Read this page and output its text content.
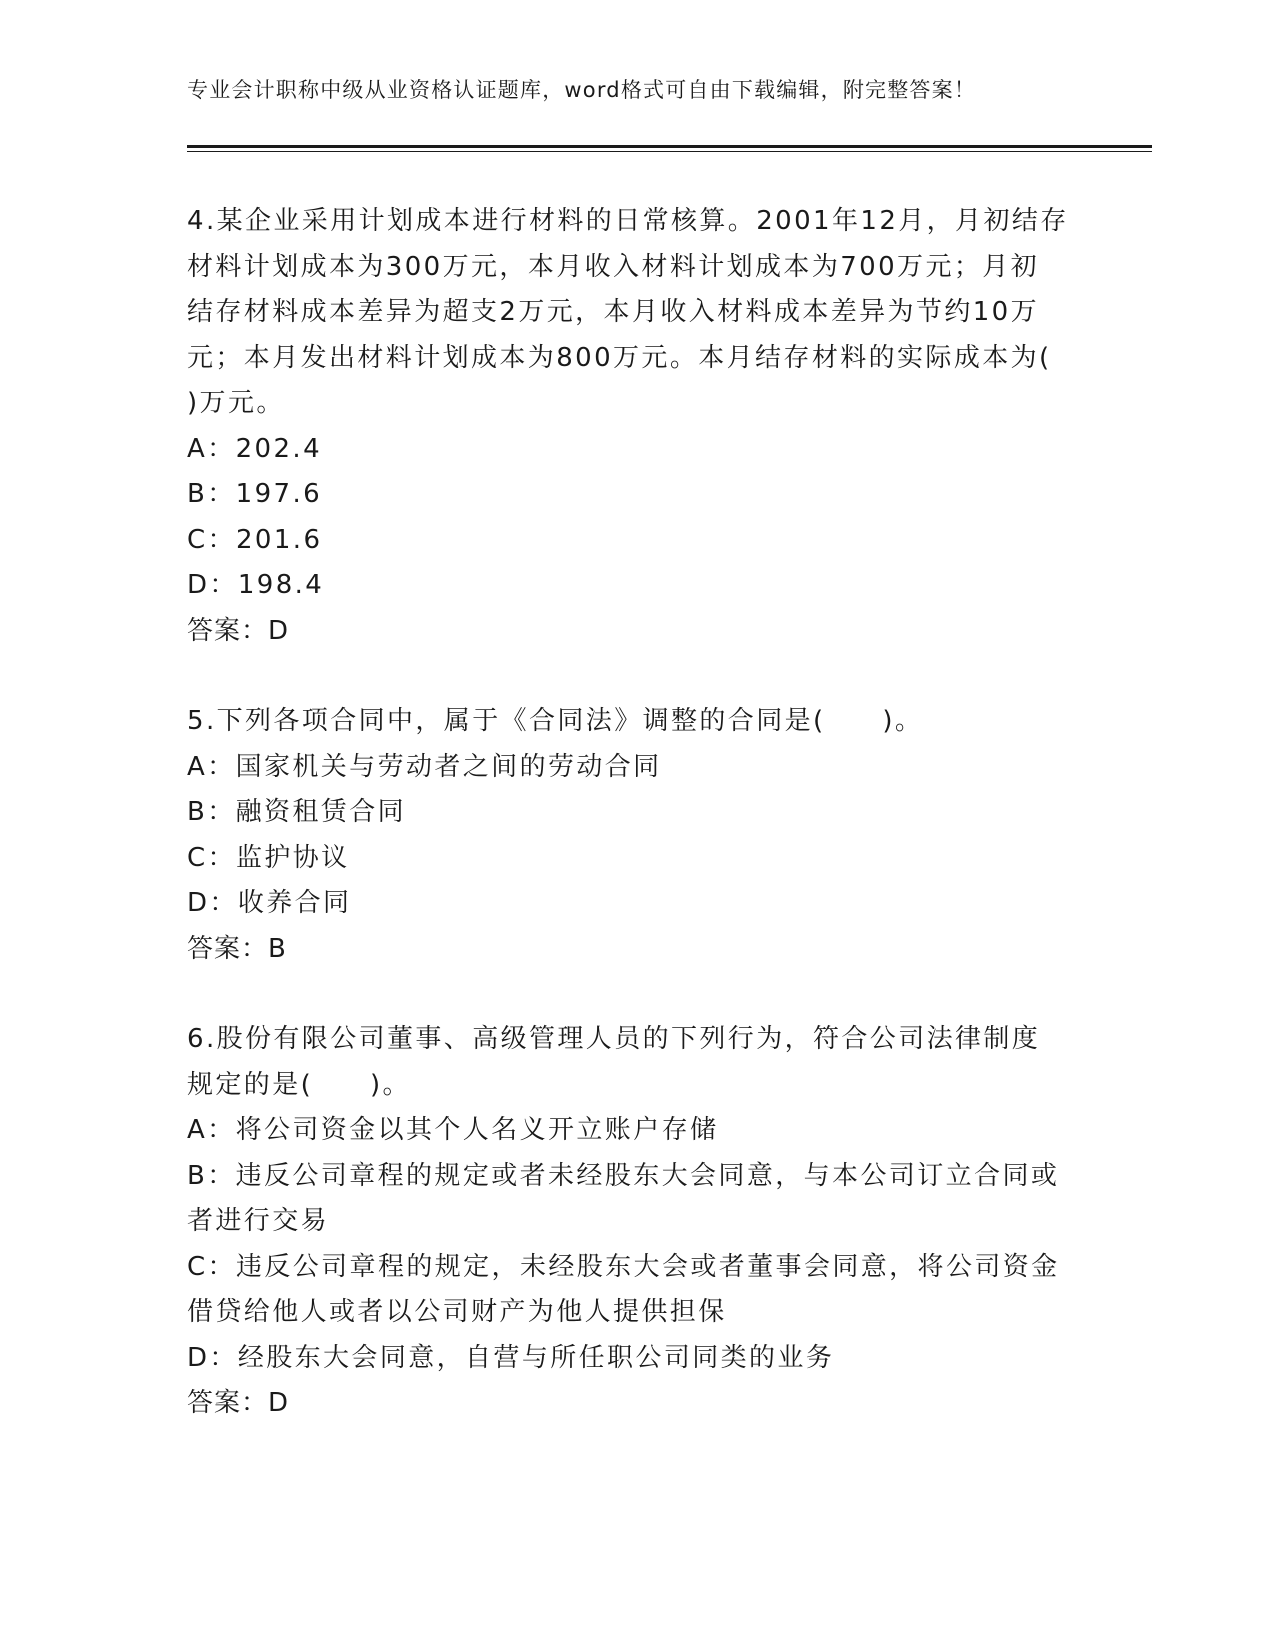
专业会计职称中级从业资格认证题库，word格式可自由下载编辑，附完整答案！
4.某企业采用计划成本进行材料的日常核算。2001年12月，月初结存
材料计划成本为300万元，本月收入材料计划成本为700万元；月初
结存材料成本差异为超支2万元，本月收入材料成本差异为节约10万
元；本月发出材料计划成本为800万元。本月结存材料的实际成本为(
)万元。
A：202.4
B：197.6
C：201.6
D：198.4
答案：D
5.下列各项合同中，属于《合同法》调整的合同是(　　)。
A：国家机关与劳动者之间的劳动合同
B：融资租赁合同
C：监护协议
D：收养合同
答案：B
6.股份有限公司董事、高级管理人员的下列行为，符合公司法律制度
规定的是(　　)。
A：将公司资金以其个人名义开立账户存储
B：违反公司章程的规定或者未经股东大会同意，与本公司订立合同或
者进行交易
C：违反公司章程的规定，未经股东大会或者董事会同意，将公司资金
借贷给他人或者以公司财产为他人提供担保
D：经股东大会同意，自营与所任职公司同类的业务
答案：D
